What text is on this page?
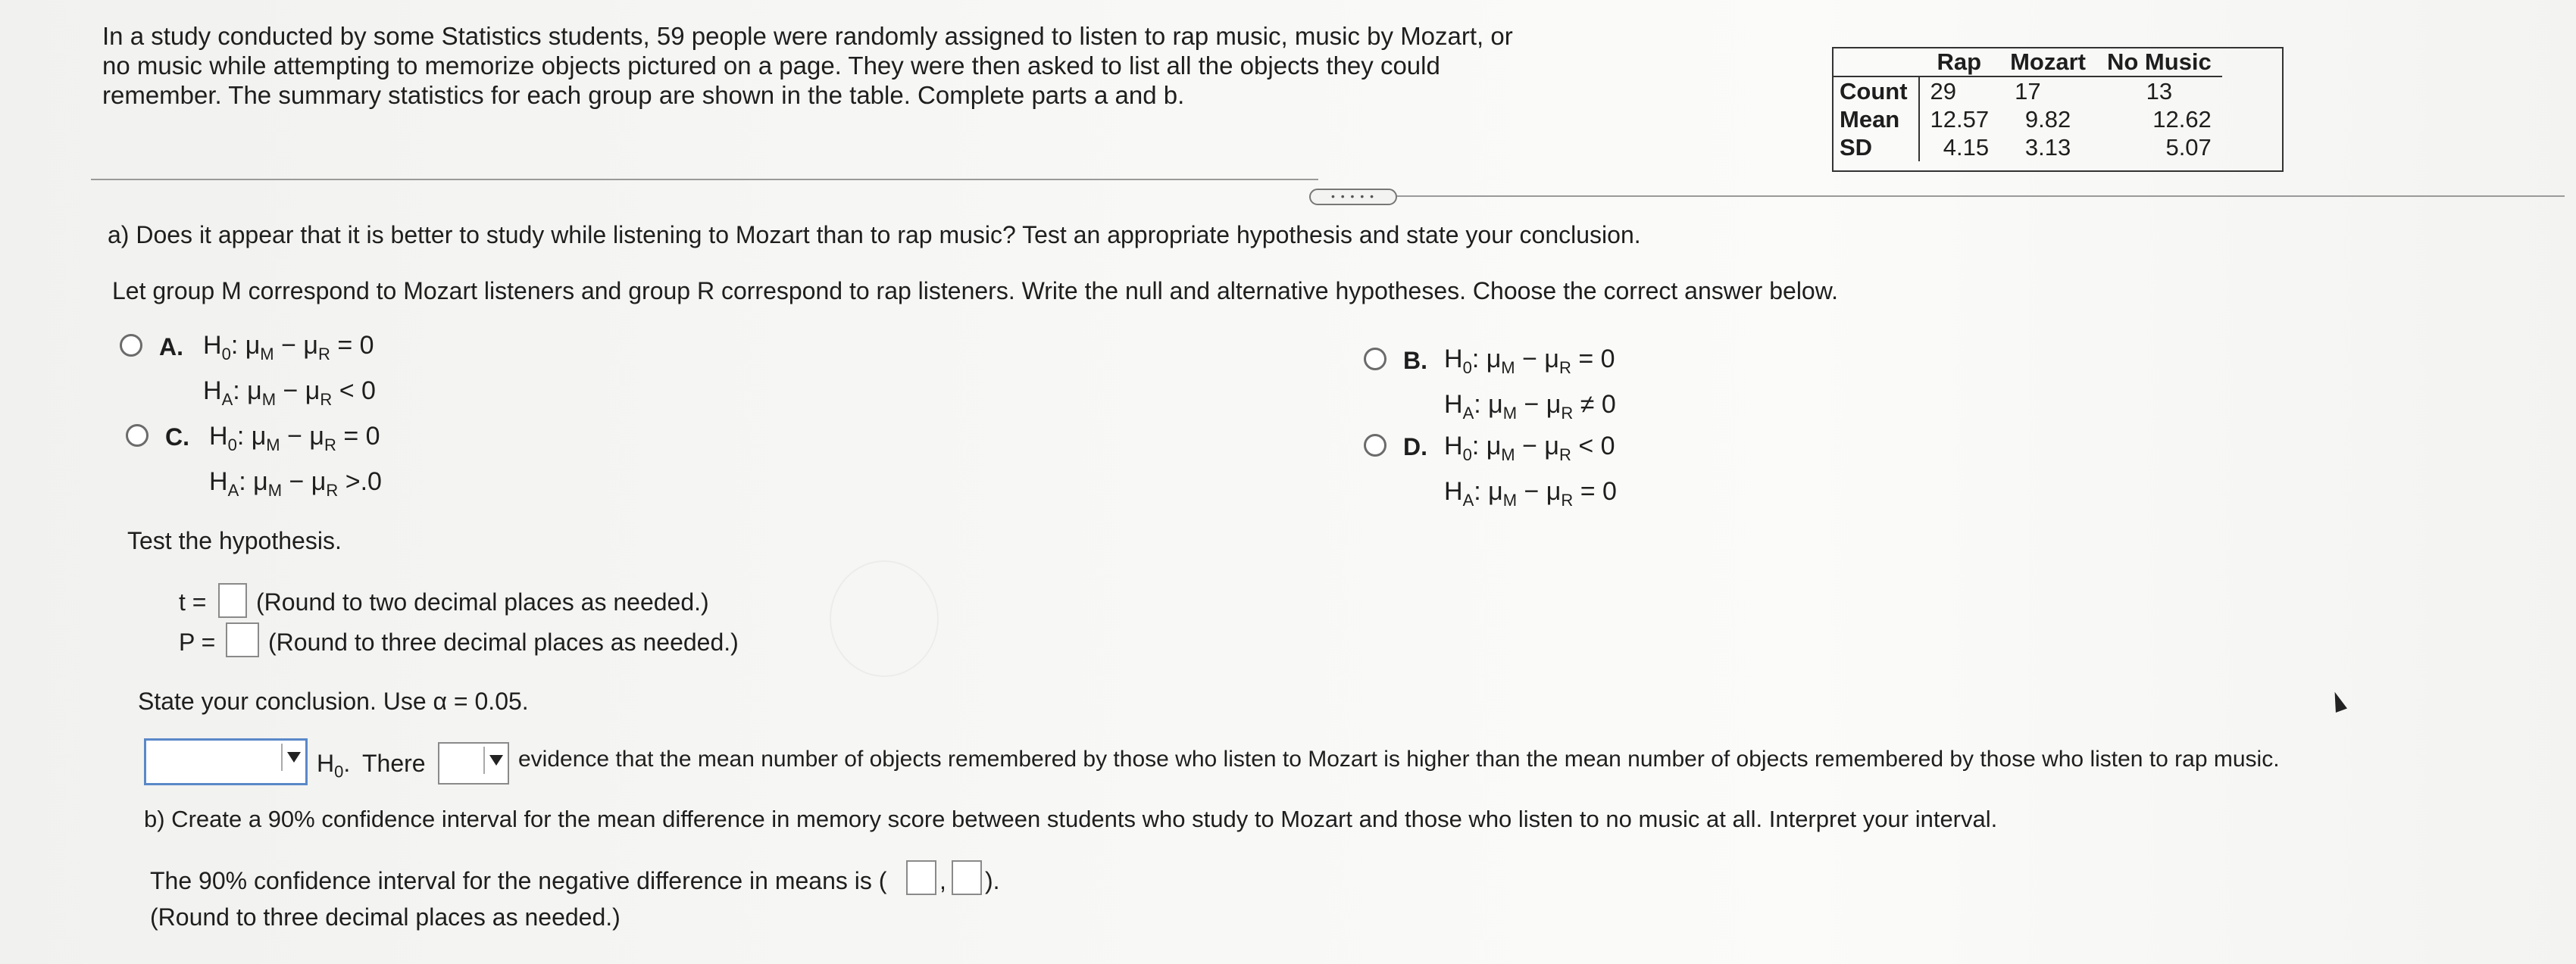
In a study conducted by some Statistics students, 59 people were randomly assigned to listen to rap music, music by Mozart, or
no music while attempting to memorize objects pictured on a page. They were then asked to list all the objects they could
remember. The summary statistics for each group are shown in the table. Complete parts a and b.
	Rap	Mozart	No Music
Count	29	17	13
Mean	12.57	9.82	12.62
SD	4.15	3.13	5.07
• • • • •
a) Does it appear that it is better to study while listening to Mozart than to rap music? Test an appropriate hypothesis and state your conclusion.
Let group M correspond to Mozart listeners and group R correspond to rap listeners. Write the null and alternative hypotheses. Choose the correct answer below.
A. $H_0$: $\mu_M - \mu_R = 0$
$H_A$: $\mu_M - \mu_R < 0$
B. $H_0$: $\mu_M - \mu_R = 0$
$H_A$: $\mu_M - \mu_R \ne 0$
C. $H_0$: $\mu_M - \mu_R = 0$
$H_A$: $\mu_M - \mu_R >.0$
D. $H_0$: $\mu_M - \mu_R < 0$
$H_A$: $\mu_M - \mu_R = 0$
Test the hypothesis.
t = (Round to two decimal places as needed.)
P = (Round to three decimal places as needed.)
State your conclusion. Use α = 0.05.
$H_0$. There	evidence that the mean number of objects remembered by those who listen to Mozart is higher than the mean number of objects remembered by those who listen to rap music.
b) Create a 90% confidence interval for the mean difference in memory score between students who study to Mozart and those who listen to no music at all. Interpret your interval.
The 90% confidence interval for the negative difference in means is ( , ).
(Round to three decimal places as needed.)
